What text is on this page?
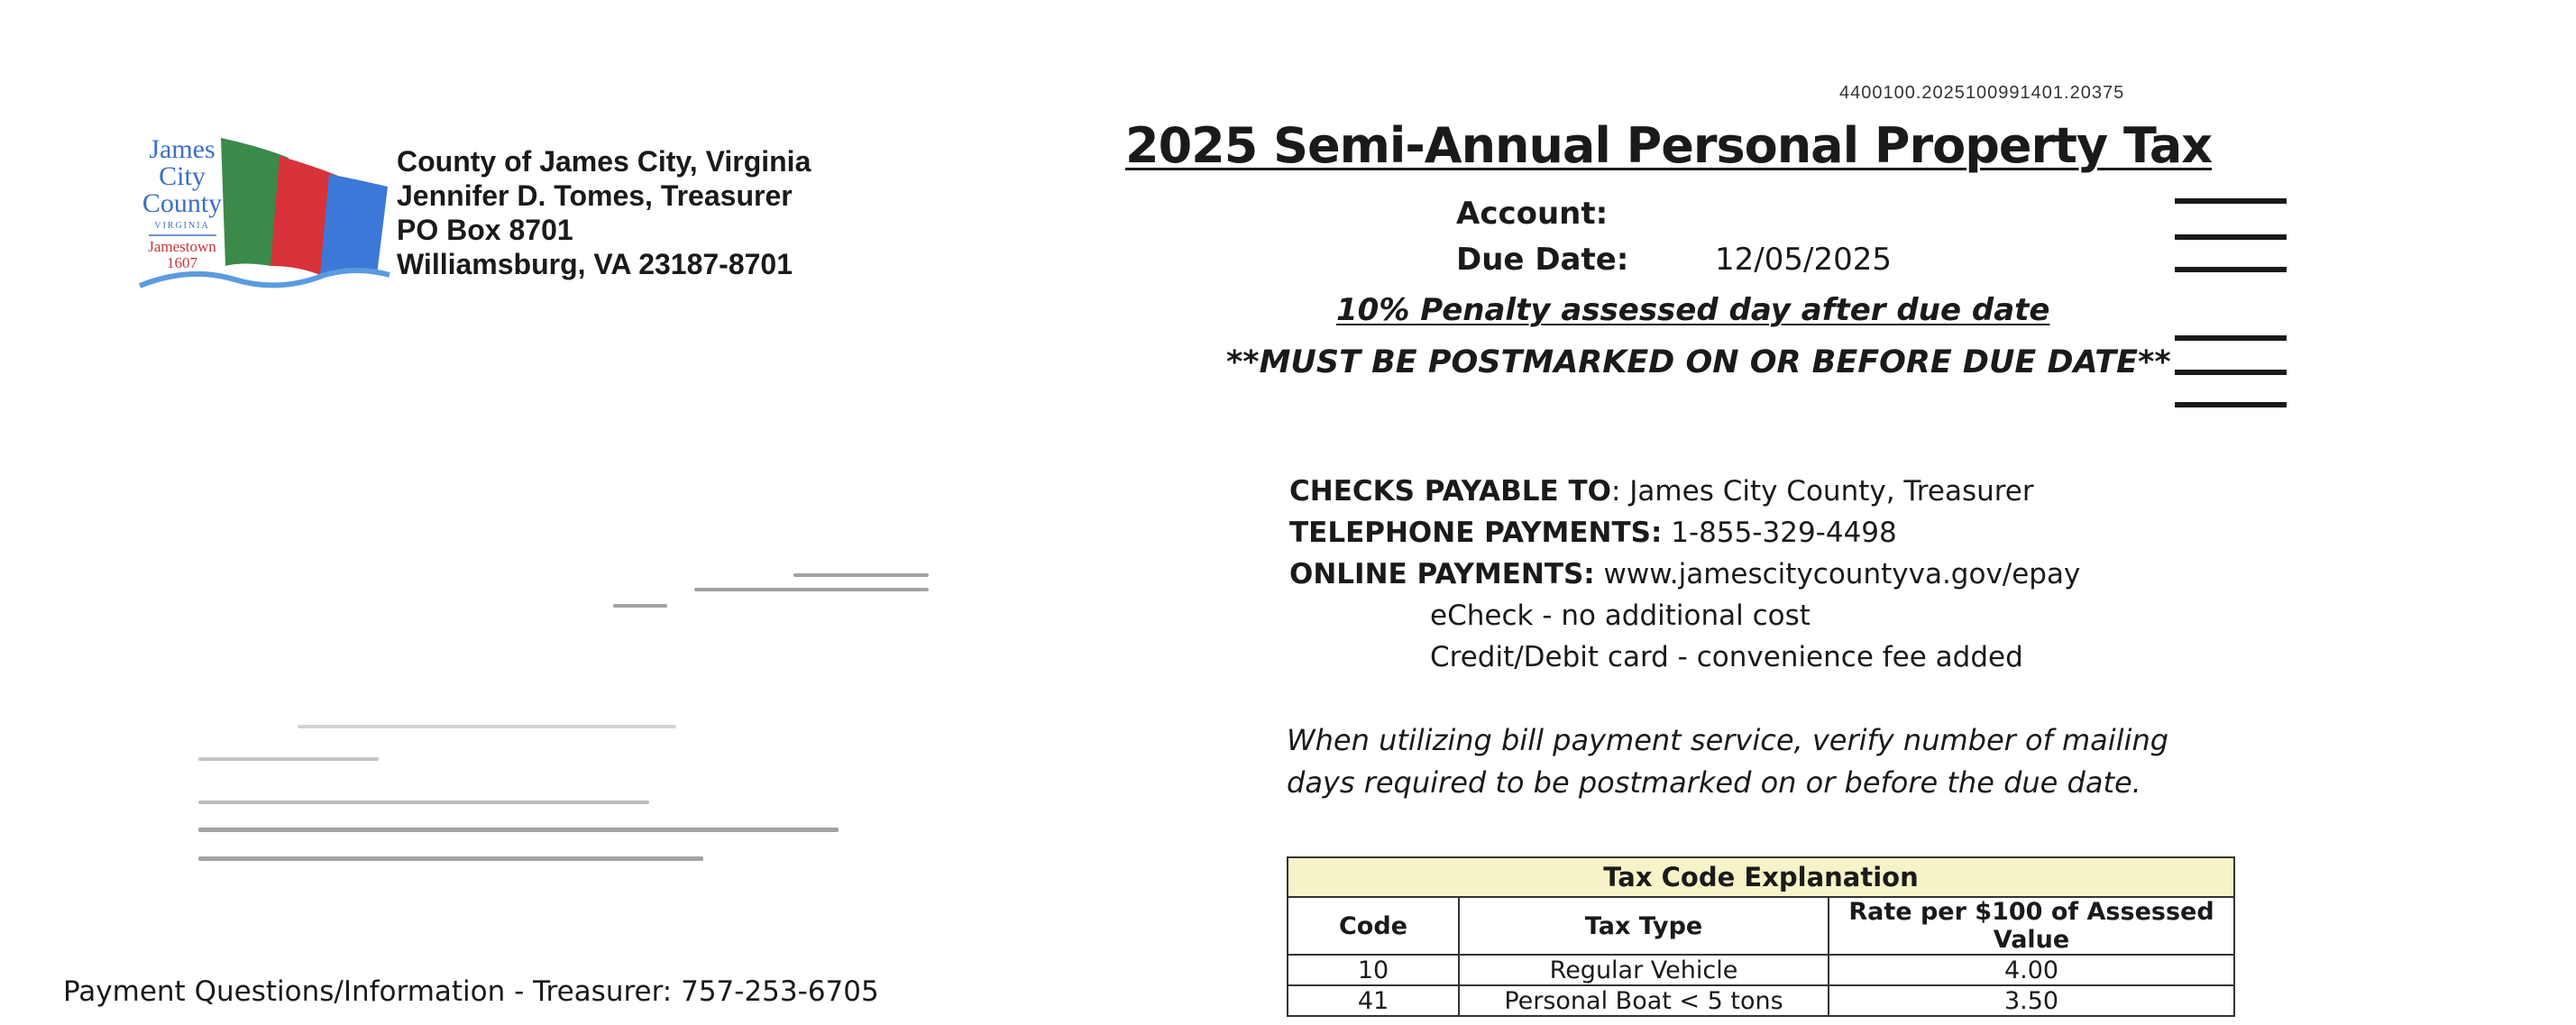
4400100.2025100991401.20375
James
City
County
VIRGINIA
Jamestown
1607
County of James City, Virginia
Jennifer D. Tomes, Treasurer
PO Box 8701
Williamsburg, VA 23187-8701
2025 Semi-Annual Personal Property Tax
Account:
Due Date:	12/05/2025
10% Penalty assessed day after due date
**MUST BE POSTMARKED ON OR BEFORE DUE DATE**
CHECKS PAYABLE TO: James City County, Treasurer
TELEPHONE PAYMENTS: 1-855-329-4498
ONLINE PAYMENTS: www.jamescitycountyva.gov/epay
eCheck - no additional cost
Credit/Debit card - convenience fee added
When utilizing bill payment service, verify number of mailing days required to be postmarked on or before the due date.
Tax Code Explanation		
Code	Tax Type	Rate per $100 of Assessed Value
10	Regular Vehicle	4.00
41	Personal Boat < 5 tons	3.50
Payment Questions/Information - Treasurer: 757-253-6705
